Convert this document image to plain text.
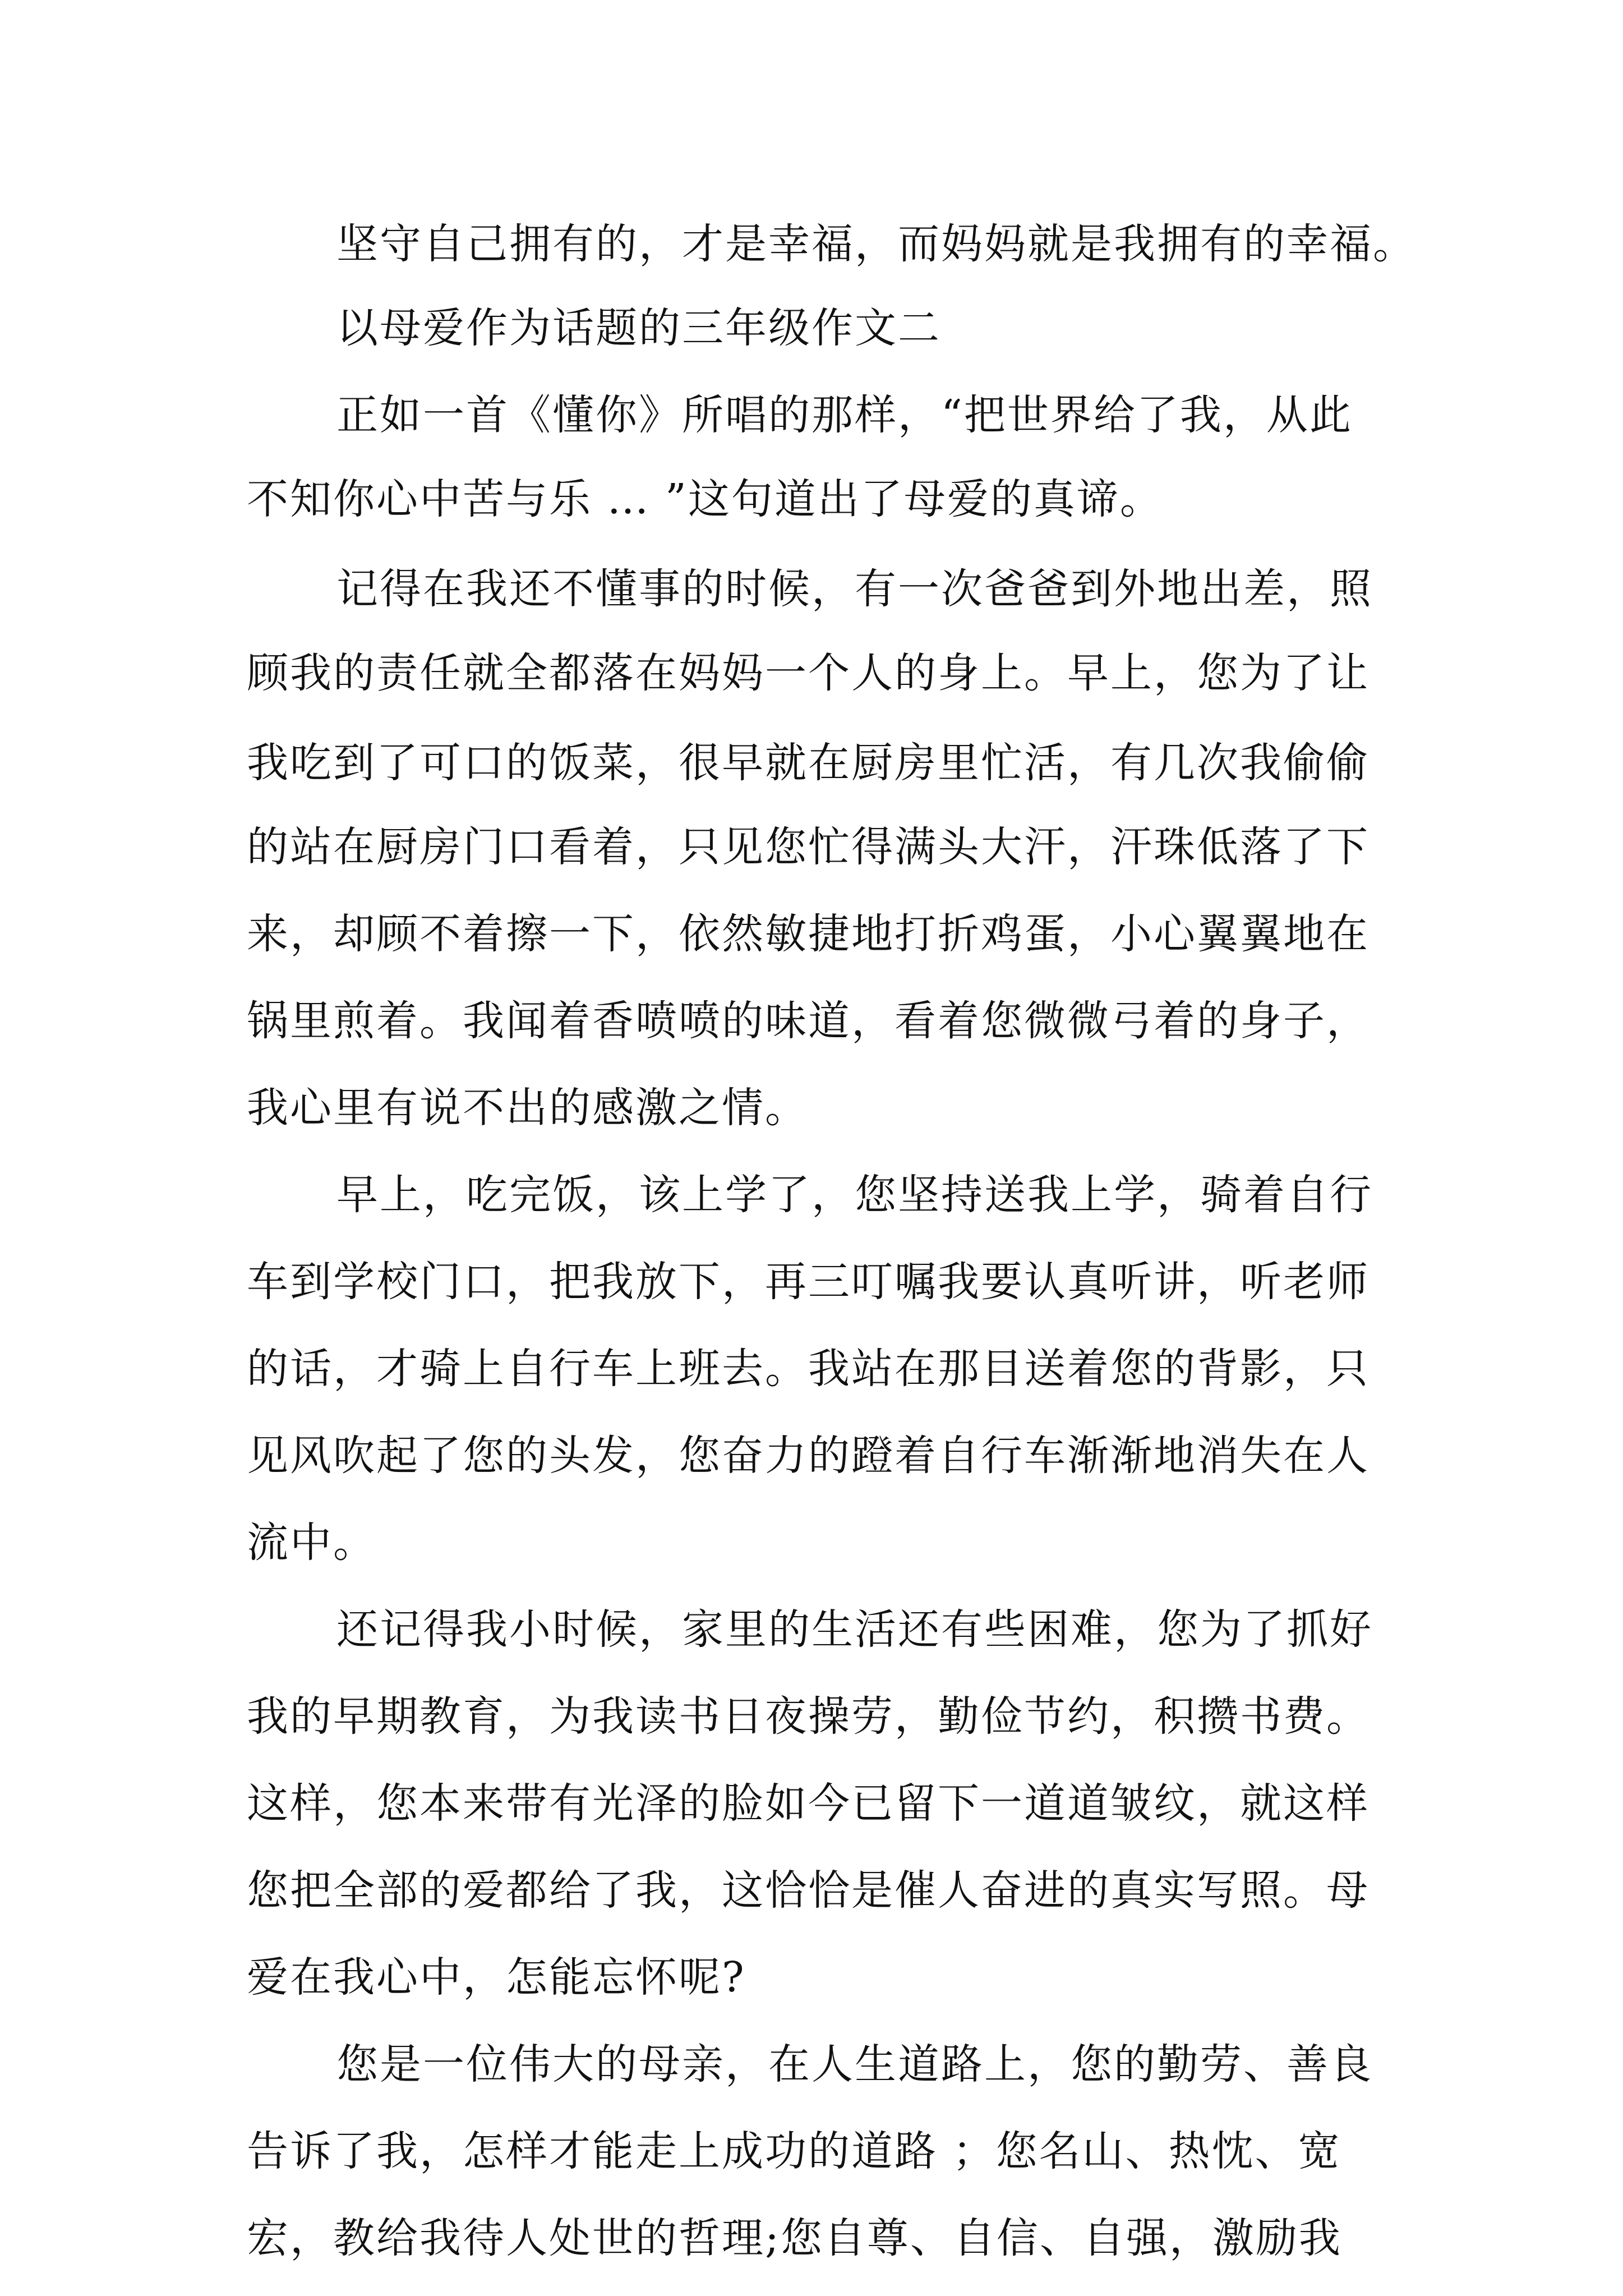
坚守自己拥有的，才是幸福，而妈妈就是我拥有的幸福。
以母爱作为话题的三年级作文二
正如一首《懂你》所唱的那样，“把世界给了我，从此
不知你心中苦与乐 … ”这句道出了母爱的真谛。
记得在我还不懂事的时候，有一次爸爸到外地出差，照
顾我的责任就全都落在妈妈一个人的身上。早上，您为了让
我吃到了可口的饭菜，很早就在厨房里忙活，有几次我偷偷
的站在厨房门口看着，只见您忙得满头大汗，汗珠低落了下
来，却顾不着擦一下，依然敏捷地打折鸡蛋，小心翼翼地在
锅里煎着。我闻着香喷喷的味道，看着您微微弓着的身子，
我心里有说不出的感激之情。
早上，吃完饭，该上学了，您坚持送我上学，骑着自行
车到学校门口，把我放下，再三叮嘱我要认真听讲，听老师
的话，才骑上自行车上班去。我站在那目送着您的背影，只
见风吹起了您的头发，您奋力的蹬着自行车渐渐地消失在人
流中。
还记得我小时候，家里的生活还有些困难，您为了抓好
我的早期教育，为我读书日夜操劳，勤俭节约，积攒书费。
这样，您本来带有光泽的脸如今已留下一道道皱纹，就这样
您把全部的爱都给了我，这恰恰是催人奋进的真实写照。母
爱在我心中，怎能忘怀呢?
您是一位伟大的母亲，在人生道路上，您的勤劳、善良
告诉了我，怎样才能走上成功的道路 ；您名山、热忱、宽
宏，教给我待人处世的哲理;您自尊、自信、自强，激励我
